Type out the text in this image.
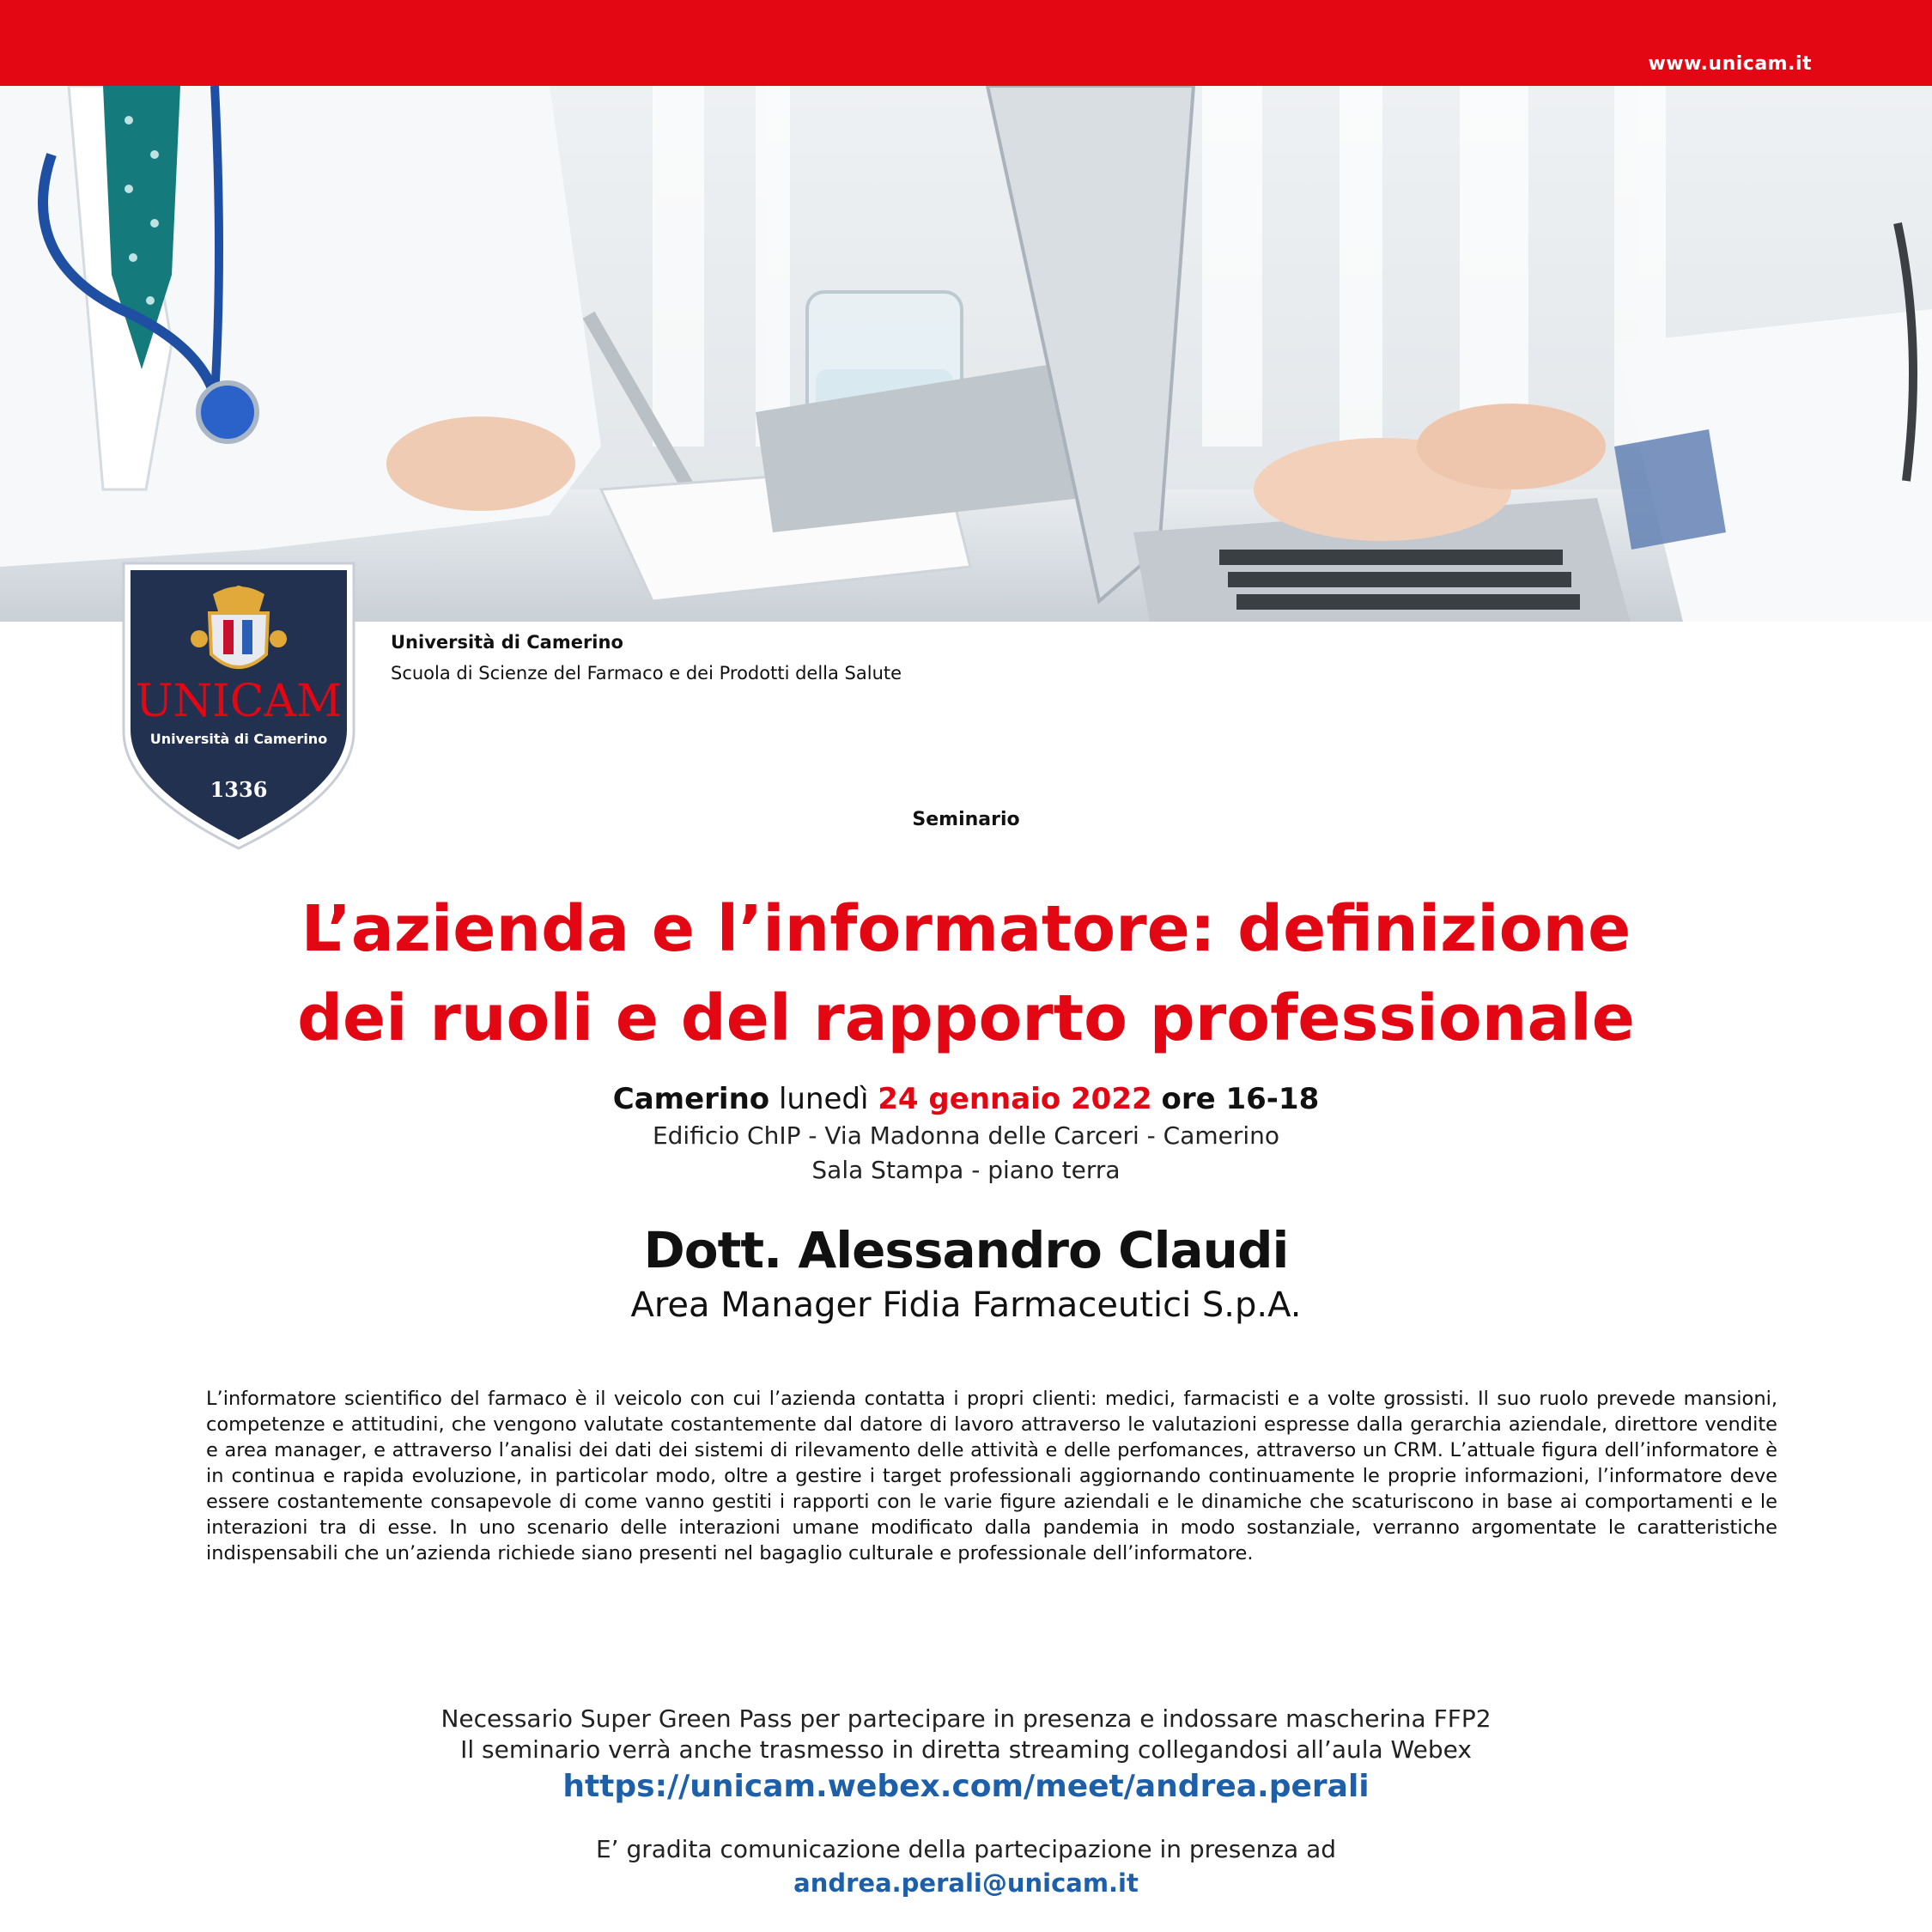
www.unicam.it
UNICAM
Università di Camerino
1336
Università di Camerino
Scuola di Scienze del Farmaco e dei Prodotti della Salute
Seminario
L’azienda e l’informatore: definizione
dei ruoli e del rapporto professionale
Camerino lunedì 24 gennaio 2022 ore 16-18
Edificio ChIP - Via Madonna delle Carceri - Camerino
Sala Stampa - piano terra
Dott. Alessandro Claudi
Area Manager Fidia Farmaceutici S.p.A.

L’informatore scientifico del farmaco è il veicolo con cui l’azienda contatta i propri clienti: medici, farmacisti e a volte grossisti. Il suo ruolo prevede mansioni, competenze e attitudini, che vengono valutate costantemente dal datore di lavoro attraverso le valutazioni espresse dalla gerarchia aziendale, direttore vendite e area manager, e attraverso l’analisi dei dati dei sistemi di rilevamento delle attività e delle perfomances, attraverso un CRM. L’attuale figura dell’informatore è in continua e rapida evoluzione, in particolar modo, oltre a gestire i target professionali aggiornando continuamente le proprie informazioni, l’informatore deve essere costantemente consapevole di come vanno gestiti i rapporti con le varie figure aziendali e le dinamiche che scaturiscono in base ai comportamenti e le interazioni tra di esse. In uno scenario delle interazioni umane modificato dalla pandemia in modo sostanziale, verranno argomentate le caratteristiche indispensabili che un’azienda richiede siano presenti nel bagaglio culturale e professionale dell’informatore.

Necessario Super Green Pass per partecipare in presenza e indossare mascherina FFP2
Il seminario verrà anche trasmesso in diretta streaming collegandosi all’aula Webex
https://unicam.webex.com/meet/andrea.perali
E’ gradita comunicazione della partecipazione in presenza ad
andrea.perali@unicam.it
